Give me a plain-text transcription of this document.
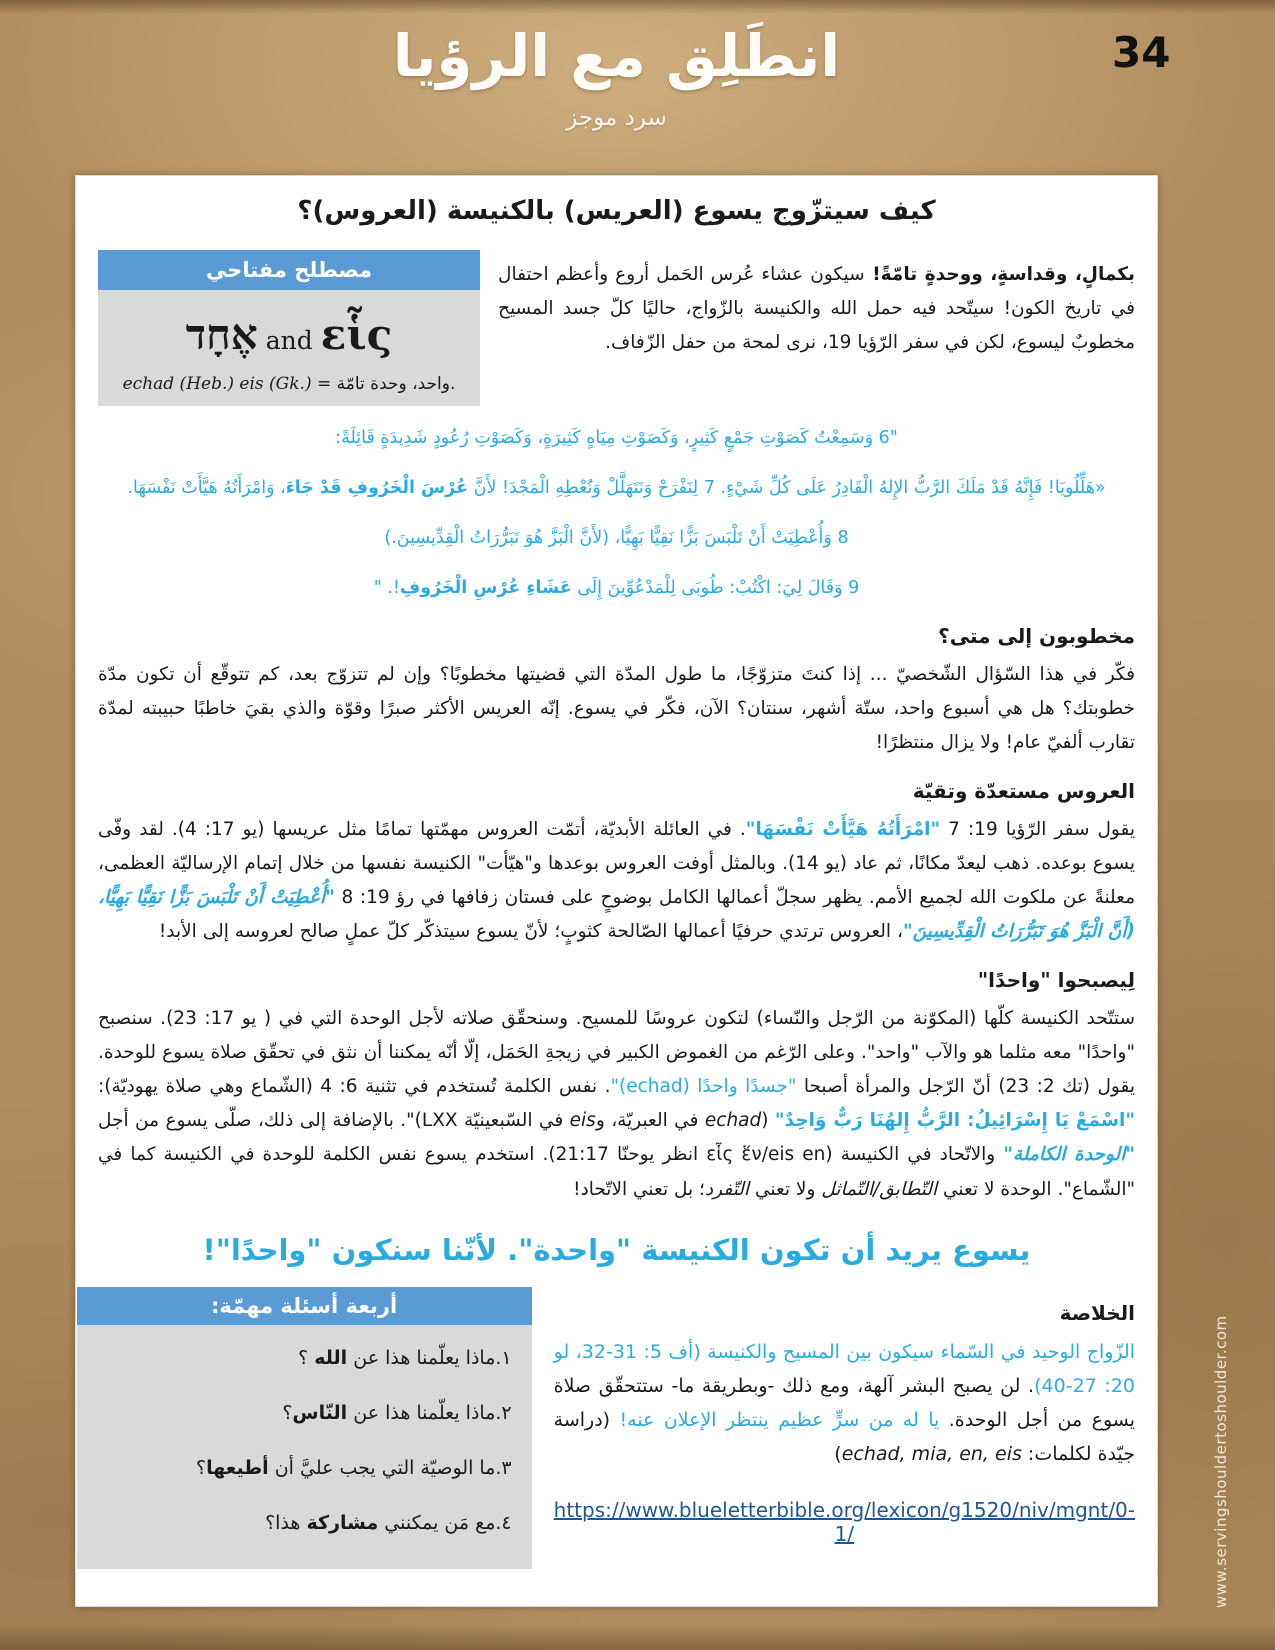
انطَلِق مع الرؤيا
سرد موجز
34
www.servingshouldertoshoulder.com
كيف سيتزّوج يسوع (العريس) بالكنيسة (العروس)؟
بكمالٍ، وقداسةٍ، ووحدةٍ تامّةً! سيكون عشاء عُرس الحَمل أروع وأعظم احتفال في تاريخ الكون! سيتّحد فيه حمل الله والكنيسة بالزّواج، حاليًا كلّ جسد المسيح مخطوبٌ ليسوع، لكن في سفر الرّؤيا 19، نرى لمحة من حفل الزّفاف.
مصطلح مفتاحي
אֶחָד and εἷς
echad (Heb.) eis (Gk.) = واحد، وحدة تامّة.
"6 وَسَمِعْتُ كَصَوْتِ جَمْعٍ كَثِيرٍ، وَكَصَوْتِ مِيَاهٍ كَثِيرَةٍ، وَكَصَوْتِ رُعُودٍ شَدِيدَةٍ قَائِلَةً:
«هَلِّلُويَا! فَإِنَّهُ قَدْ مَلَكَ الرَّبُّ الإِلهُ الْقَادِرُ عَلَى كُلِّ شَيْءٍ. 7 لِنَفْرَحْ وَنَتَهَلَّلْ وَنُعْطِهِ الْمَجْدَ! لأَنَّ عُرْسَ الْخَرُوفِ قَدْ جَاءَ، وَامْرَأَتُهُ هَيَّأَتْ نَفْسَهَا.
8 وَأُعْطِيَتْ أَنْ تَلْبَسَ بَزًّا نَقِيًّا بَهِيًّا، (لأَنَّ الْبَزَّ هُوَ تَبَرُّرَاتُ الْقِدِّيسِينَ.)
9 وَقَالَ لِيَ: اكْتُبْ: طُوبَى لِلْمَدْعُوِّينَ إِلَى عَشَاءِ عُرْسِ الْخَرُوفِ!. "
مخطوبون إلى متى؟
فكّر في هذا السّؤال الشّخصيّ ... إذا كنتَ متزوّجًا، ما طول المدّة التي قضيتها مخطوبًا؟ وإن لم تتزوّج بعد، كم تتوقّع أن تكون مدّة خطوبتك؟ هل هي أسبوع واحد، ستّة أشهر، سنتان؟ الآن، فكّر في يسوع. إنّه العريس الأكثر صبرًا وقوّة والذي بقيَ خاطبًا حبيبته لمدّة تقارب ألفيّ عام! ولا يزال منتظرًا!
العروس مستعدّة وتقيّة
يقول سفر الرّؤيا 19: 7 "امْرَأَتُهُ هَيَّأَتْ نَفْسَهَا". في العائلة الأبديّة، أتمّت العروس مهمّتها تمامًا مثل عريسها (يو 17: 4). لقد وفّى يسوع بوعده. ذهب ليعدّ مكانًا، ثم عاد (يو 14). وبالمثل أوفت العروس بوعدها و"هيّأت" الكنيسة نفسها من خلال إتمام الإرساليّة العظمى، معلنةً عن ملكوت الله لجميع الأمم. يظهر سجلّ أعمالها الكامل بوضوحٍ على فستان زفافها في رؤ 19: 8 "أُعْطِيَتْ أَنْ تَلْبَسَ بَزًّا نَقِيًّا بَهِيًّا، (أَنَّ الْبَزَّ هُوَ تَبَرُّرَاتُ الْقِدِّيسِينَ"، العروس ترتدي حرفيًا أعمالها الصّالحة كثوبٍ؛ لأنّ يسوع سيتذكّر كلّ عملٍ صالح لعروسه إلى الأبد!
لِيصبحوا "واحدًا"
ستتّحد الكنيسة كلّها (المكوّنة من الرّجل والنّساء) لتكون عروسًا للمسيح. وسنحقّق صلاته لأجل الوحدة التي في ( يو 17: 23). سنصبح "واحدًا" معه مثلما هو والآب "واحد". وعلى الرّغم من الغموض الكبير في زيجةِ الحَمَل، إلّا أنّه يمكننا أن نثق في تحقّق صلاة يسوع للوحدة. يقول (تك 2: 23) أنّ الرّجل والمرأة أصبحا "جسدًا واحدًا (echad)". نفس الكلمة تُستخدم في تثنية 6: 4 (الشّماع وهي صلاة يهوديّة): "اسْمَعْ يَا إِسْرَائِيلُ: الرَّبُّ إِلهُنَا رَبٌّ وَاحِدٌ" (echad في العبريّة، وeis في السّبعينيّة LXX)". بالإضافة إلى ذلك، صلّى يسوع من أجل "الوحدة الكاملة" والاتّحاد في الكنيسة (εἷς ἕν/eis en انظر يوحنّا 21:17). استخدم يسوع نفس الكلمة للوحدة في الكنيسة كما في "الشّماع". الوحدة لا تعني التّطابق/التّماثل ولا تعني التّفرد؛ بل تعني الاتّحاد!
يسوع يريد أن تكون الكنيسة "واحدة". لأنّنا سنكون "واحدًا"!
الخلاصة
الزّواج الوحيد في السّماء سيكون بين المسيح والكنيسة (أف 5: 31-32، لو 20: 27-40). لن يصبح البشر آلهة، ومع ذلك -وبطريقة ما- ستتحقّق صلاة يسوع من أجل الوحدة. يا له من سرٍّ عظيم ينتظر الإعلان عنه! (دراسة جيّدة لكلمات: echad, mia, en, eis)
https://www.blueletterbible.org/lexicon/g1520/niv/mgnt/0-1/
أربعة أسئلة مهمّة:
١.ماذا يعلّمنا هذا عن الله ؟
٢.ماذا يعلّمنا هذا عن النّاس؟
٣.ما الوصيّة التي يجب عليَّ أن أطيعها؟
٤.مع مَن يمكنني مشاركة هذا؟
